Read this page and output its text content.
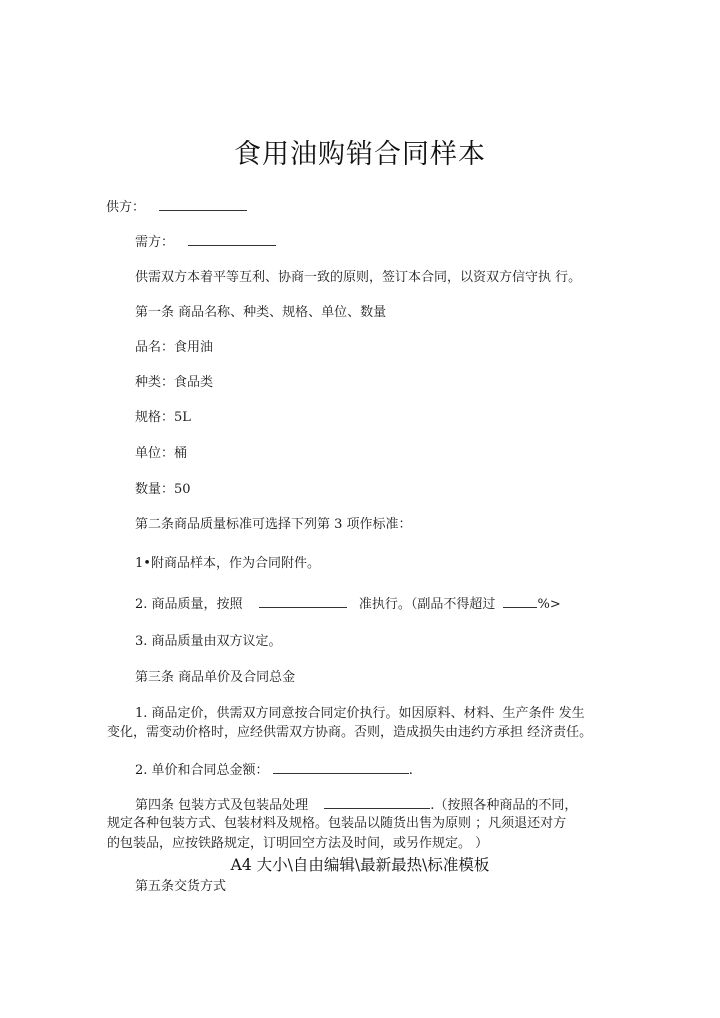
食用油购销合同样本
供方：
需方：
供需双方本着平等互利、协商一致的原则，签订本合同，以资双方信守执 行。
第一条 商品名称、种类、规格、单位、数量
品名：食用油
种类：食品类
规格：5L
单位：桶
数量：50
第二条商品质量标准可选择下列第 3 项作标准：
1•附商品样本，作为合同附件。
2. 商品质量，按照	准执行。（副品不得超过	%>
3. 商品质量由双方议定。
第三条 商品单价及合同总金
1. 商品定价，供需双方同意按合同定价执行。如因原料、材料、生产条件 发生
变化，需变动价格时，应经供需双方协商。否则，造成损失由违约方承担 经济责任。
2. 单价和合同总金额：	.
第四条 包装方式及包装品处理	.（按照各种商品的不同，
规定各种包装方式、包装材料及规格。包装品以随货出售为原则 ；凡须退还对方
的包装品，应按铁路规定，订明回空方法及时间，或另作规定。 ）
A4 大小\自由编辑\最新最热\标准模板
第五条交货方式
